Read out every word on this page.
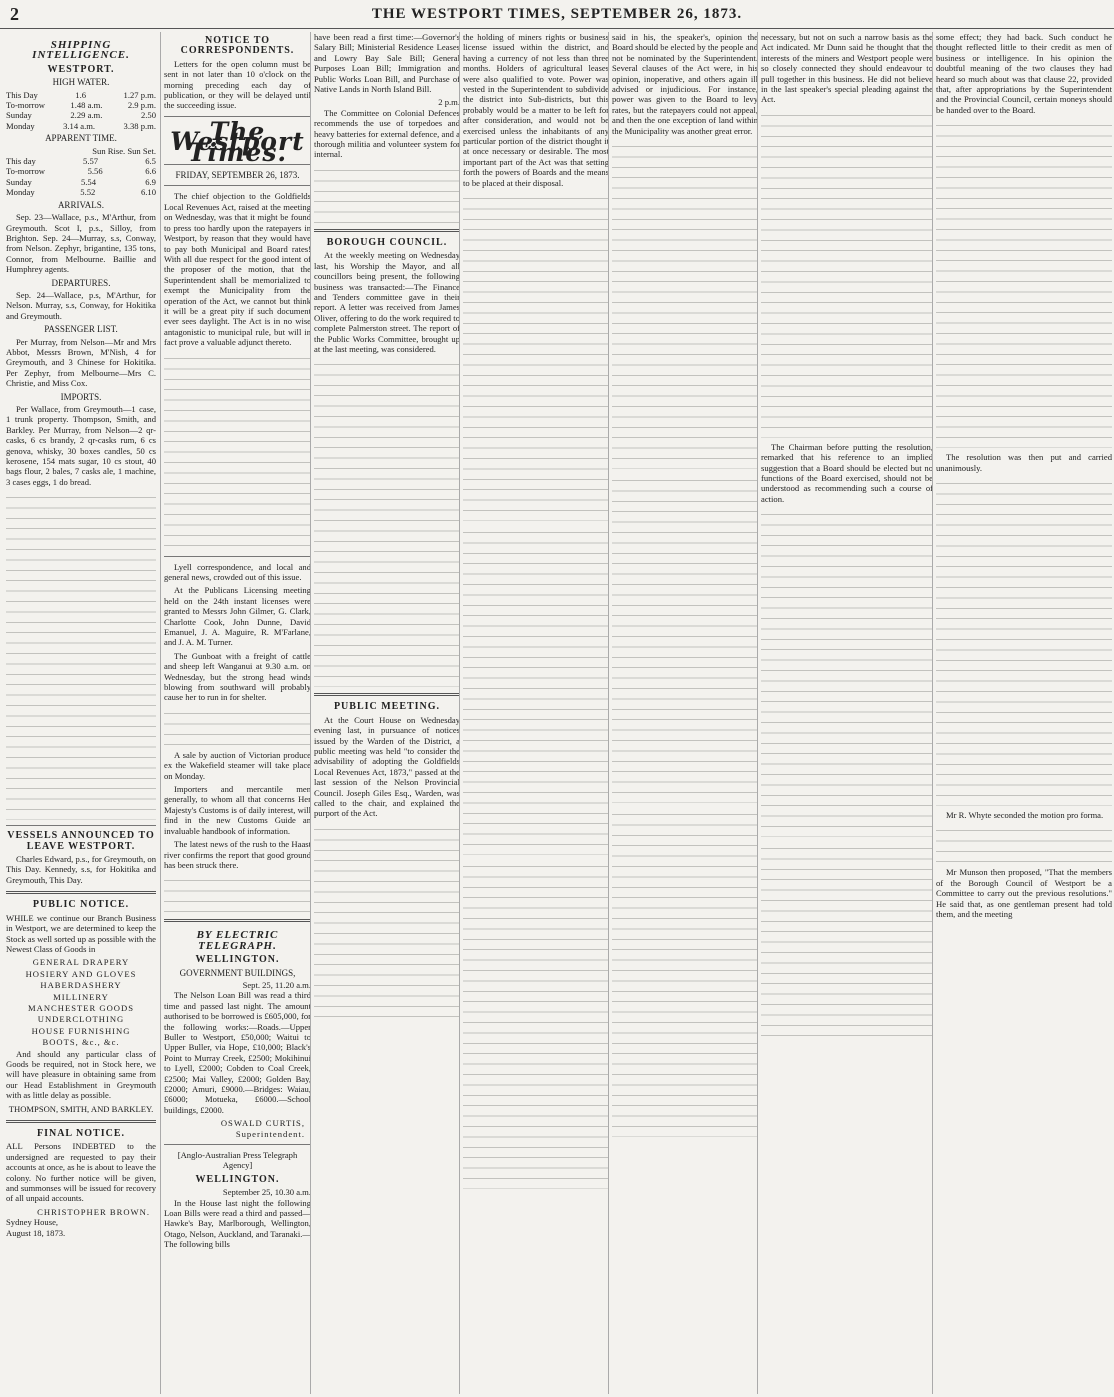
2	THE WESTPORT TIMES, SEPTEMBER 26, 1873.
SHIPPING INTELLIGENCE.
WESTPORT.
HIGH WATER.
This Day	1.6	1.27 p.m.
To-morrow	1.48 a.m.	2.9 p.m.
Sunday	2.29 a.m.	2.50
Monday	3.14 a.m.	3.38 p.m.
APPARENT TIME.
Sun Rise. Sun Set.
This day	5.57	6.5
To-morrow	5.56	6.6
Sunday	5.54	6.9
Monday	5.52	6.10
ARRIVALS.

Sep. 23—Wallace, p.s., M'Arthur, from Greymouth. Scot I, p.s., Silloy, from Brighton. Sep. 24—Murray, s.s, Conway, from Nelson. Zephyr, brigantine, 135 tons, Connor, from Melbourne. Baillie and Humphrey agents.

DEPARTURES.

Sep. 24—Wallace, p.s, M'Arthur, for Nelson. Murray, s.s, Conway, for Hokitika and Greymouth.

PASSENGER LIST.

Per Murray, from Nelson—Mr and Mrs Abbot, Messrs Brown, M'Nish, 4 for Greymouth, and 3 Chinese for Hokitika. Per Zephyr, from Melbourne—Mrs C. Christie, and Miss Cox.

IMPORTS.

Per Wallace, from Greymouth—1 case, 1 trunk property. Thompson, Smith, and Barkley. Per Murray, from Nelson—2 qr-casks, 6 cs brandy, 2 qr-casks rum, 6 cs genova, whisky, 30 boxes candles, 50 cs kerosene, 154 mats sugar, 10 cs stout, 40 bags flour, 2 bales, 7 casks ale, 1 machine, 3 cases eggs, 1 do bread.

VESSELS ANNOUNCED TO LEAVE WESTPORT.

Charles Edward, p.s., for Greymouth, on This Day. Kennedy, s.s, for Hokitika and Greymouth, This Day.

PUBLIC NOTICE.

WHILE we continue our Branch Business in Westport, we are determined to keep the Stock as well sorted up as possible with the Newest Class of Goods in

GENERAL DRAPERY
HOSIERY AND GLOVES
HABERDASHERY
MILLINERY
MANCHESTER GOODS
UNDERCLOTHING
HOUSE FURNISHING
BOOTS, &c., &c.

And should any particular class of Goods be required, not in Stock here, we will have pleasure in obtaining same from our Head Establishment in Greymouth with as little delay as possible.

THOMPSON, SMITH, AND BARKLEY.
FINAL NOTICE.

ALL Persons INDEBTED to the undersigned are requested to pay their accounts at once, as he is about to leave the colony. No further notice will be given, and summonses will be issued for recovery of all unpaid accounts.

CHRISTOPHER BROWN.
Sydney House,
August 18, 1873.
NOTICE TO CORRESPONDENTS.

Letters for the open column must be sent in not later than 10 o'clock on the morning preceding each day of publication, or they will be delayed until the succeeding issue.

The Westport Times.
FRIDAY, SEPTEMBER 26, 1873.

The chief objection to the Goldfields Local Revenues Act, raised at the meeting on Wednesday, was that it might be found to press too hardly upon the ratepayers in Westport, by reason that they would have to pay both Municipal and Board rates! With all due respect for the good intent of the proposer of the motion, that the Superintendent shall be memorialized to exempt the Municipality from the operation of the Act, we cannot but think it will be a great pity if such document ever sees daylight. The Act is in no wise antagonistic to municipal rule, but will in fact prove a valuable adjunct thereto.

Lyell correspondence, and local and general news, crowded out of this issue.

At the Publicans Licensing meeting held on the 24th instant licenses were granted to Messrs John Gilmer, G. Clark, Charlotte Cook, John Dunne, David Emanuel, J. A. Maguire, R. M'Farlane, and J. A. M. Turner.

The Gunboat with a freight of cattle and sheep left Wanganui at 9.30 a.m. on Wednesday, but the strong head winds blowing from southward will probably cause her to run in for shelter.

A sale by auction of Victorian produce ex the Wakefield steamer will take place on Monday.

Importers and mercantile men generally, to whom all that concerns Her Majesty's Customs is of daily interest, will find in the new Customs Guide an invaluable handbook of information.

The latest news of the rush to the Haast river confirms the report that good ground has been struck there.

BY ELECTRIC TELEGRAPH.
WELLINGTON.
GOVERNMENT BUILDINGS,
Sept. 25, 11.20 a.m.

The Nelson Loan Bill was read a third time and passed last night. The amount authorised to be borrowed is £605,000, for the following works:—Roads.—Upper Buller to Westport, £50,000; Waitui to Upper Buller, via Hope, £10,000; Black's Point to Murray Creek, £2500; Mokihinui to Lyell, £2000; Cobden to Coal Creek, £2500; Mai Valley, £2000; Golden Bay, £2000; Amuri, £9000.—Bridges: Waiau, £6000; Motueka, £6000.—School buildings, £2000.

OSWALD CURTIS, Superintendent.
[Anglo-Australian Press Telegraph Agency]
WELLINGTON.
September 25, 10.30 a.m.

In the House last night the following Loan Bills were read a third and passed—Hawke's Bay, Marlborough, Wellington, Otago, Nelson, Auckland, and Taranaki.—The following bills

have been read a first time:—Governor's Salary Bill; Ministerial Residence Leases and Lowry Bay Sale Bill; General Purposes Loan Bill; Immigration and Public Works Loan Bill, and Purchase of Native Lands in North Island Bill.

2 p.m.

The Committee on Colonial Defences recommends the use of torpedoes and heavy batteries for external defence, and a thorough militia and volunteer system for internal.

BOROUGH COUNCIL.

At the weekly meeting on Wednesday last, his Worship the Mayor, and all councillors being present, the following business was transacted:—The Finance and Tenders committee gave in their report. A letter was received from James Oliver, offering to do the work required to complete Palmerston street. The report of the Public Works Committee, brought up at the last meeting, was considered.

PUBLIC MEETING.

At the Court House on Wednesday evening last, in pursuance of notices issued by the Warden of the District, a public meeting was held "to consider the advisability of adopting the Goldfields Local Revenues Act, 1873," passed at the last session of the Nelson Provincial Council. Joseph Giles Esq., Warden, was called to the chair, and explained the purport of the Act.

the holding of miners rights or business license issued within the district, and having a currency of not less than three months. Holders of agricultural leases were also qualified to vote. Power was vested in the Superintendent to subdivide the district into Sub-districts, but this probably would be a matter to be left for after consideration, and would not be exercised unless the inhabitants of any particular portion of the district thought it at once necessary or desirable. The most important part of the Act was that setting forth the powers of Boards and the means to be placed at their disposal.

said in his, the speaker's, opinion the Board should be elected by the people and not be nominated by the Superintendent. Several clauses of the Act were, in his opinion, inoperative, and others again ill advised or injudicious. For instance, power was given to the Board to levy rates, but the ratepayers could not appeal, and then the one exception of land within the Municipality was another great error.

necessary, but not on such a narrow basis as the Act indicated. Mr Dunn said he thought that the interests of the miners and Westport people were so closely connected they should endeavour to pull together in this business. He did not believe in the last speaker's special pleading against the Act.

The Chairman before putting the resolution, remarked that his reference to an implied suggestion that a Board should be elected but no functions of the Board exercised, should not be understood as recommending such a course of action.

some effect; they had back. Such conduct he thought reflected little to their credit as men of business or intelligence. In his opinion the doubtful meaning of the two clauses they had heard so much about was that clause 22, provided that, after appropriations by the Superintendent and the Provincial Council, certain moneys should be handed over to the Board.

The resolution was then put and carried unanimously.

Mr R. Whyte seconded the motion pro forma.

Mr Munson then proposed, "That the members of the Borough Council of Westport be a Committee to carry out the previous resolutions." He said that, as one gentleman present had told them, and the meeting
